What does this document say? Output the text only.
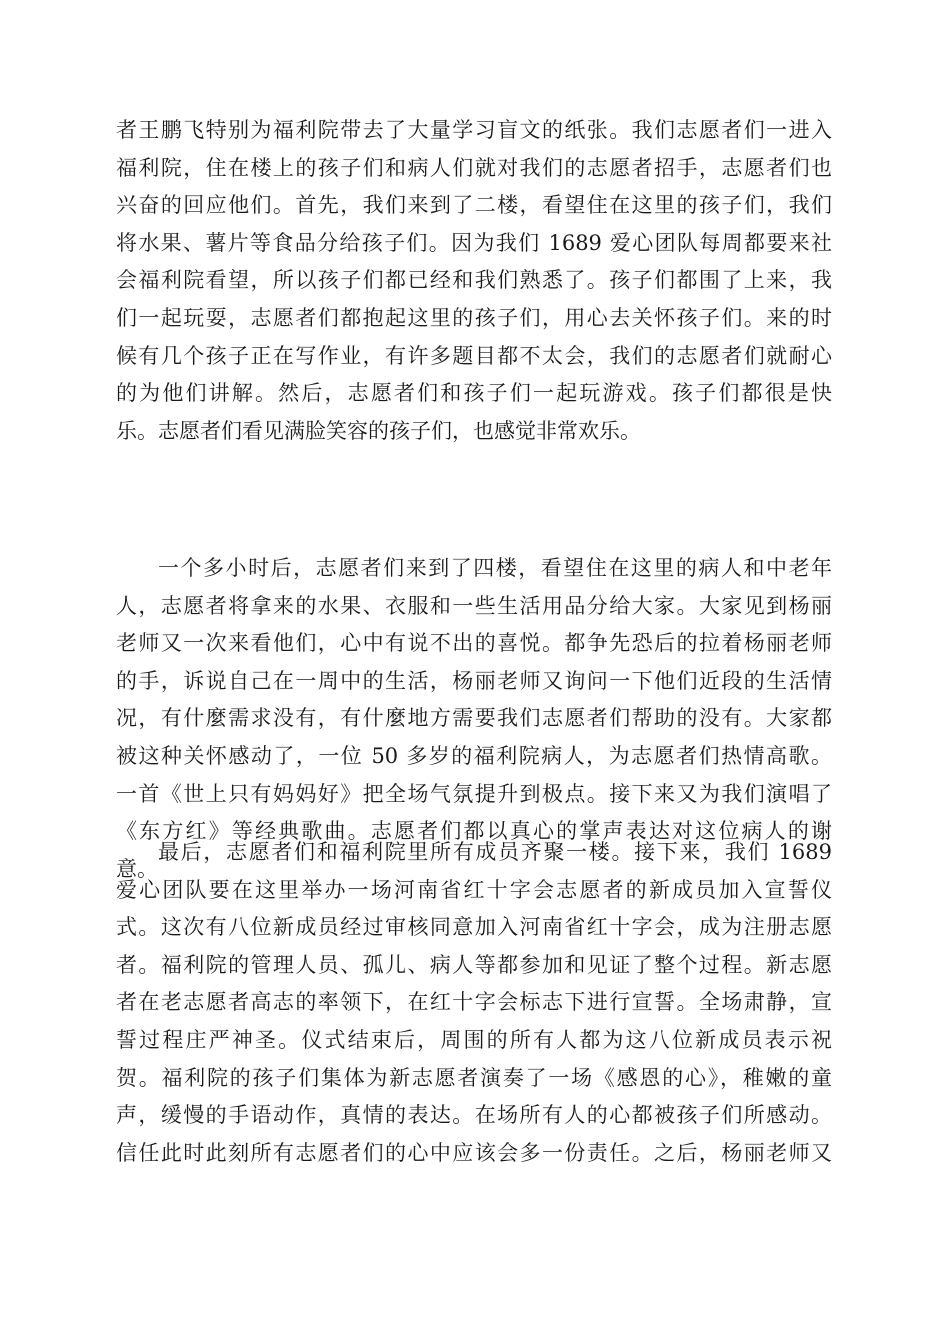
者王鹏飞特别为福利院带去了大量学习盲文的纸张。我们志愿者们一进入
福利院，住在楼上的孩子们和病人们就对我们的志愿者招手，志愿者们也
兴奋的回应他们。首先，我们来到了二楼，看望住在这里的孩子们，我们
将水果、薯片等食品分给孩子们。因为我们 1689 爱心团队每周都要来社
会福利院看望，所以孩子们都已经和我们熟悉了。孩子们都围了上来，我
们一起玩耍，志愿者们都抱起这里的孩子们，用心去关怀孩子们。来的时
候有几个孩子正在写作业，有许多题目都不太会，我们的志愿者们就耐心
的为他们讲解。然后，志愿者们和孩子们一起玩游戏。孩子们都很是快
乐。志愿者们看见满脸笑容的孩子们，也感觉非常欢乐。
一个多小时后，志愿者们来到了四楼，看望住在这里的病人和中老年
人，志愿者将拿来的水果、衣服和一些生活用品分给大家。大家见到杨丽
老师又一次来看他们，心中有说不出的喜悦。都争先恐后的拉着杨丽老师
的手，诉说自己在一周中的生活，杨丽老师又询问一下他们近段的生活情
况，有什麼需求没有，有什麼地方需要我们志愿者们帮助的没有。大家都
被这种关怀感动了，一位 50 多岁的福利院病人，为志愿者们热情高歌。
一首《世上只有妈妈好》把全场气氛提升到极点。接下来又为我们演唱了
《东方红》等经典歌曲。志愿者们都以真心的掌声表达对这位病人的谢
意。
最后，志愿者们和福利院里所有成员齐聚一楼。接下来，我们 1689
爱心团队要在这里举办一场河南省红十字会志愿者的新成员加入宣誓仪
式。这次有八位新成员经过审核同意加入河南省红十字会，成为注册志愿
者。福利院的管理人员、孤儿、病人等都参加和见证了整个过程。新志愿
者在老志愿者高志的率领下，在红十字会标志下进行宣誓。全场肃静，宣
誓过程庄严神圣。仪式结束后，周围的所有人都为这八位新成员表示祝
贺。福利院的孩子们集体为新志愿者演奏了一场《感恩的心》，稚嫩的童
声，缓慢的手语动作，真情的表达。在场所有人的心都被孩子们所感动。
信任此时此刻所有志愿者们的心中应该会多一份责任。之后，杨丽老师又
